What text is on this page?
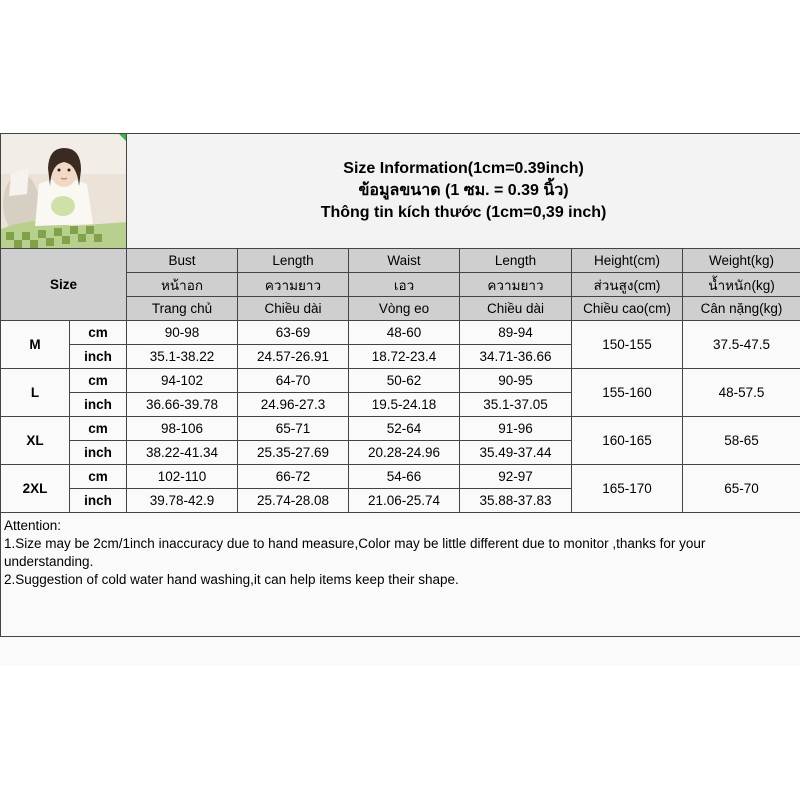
Size Information(1cm=0.39inch)
ข้อมูลขนาด (1 ซม. = 0.39 นิ้ว)
Thông tin kích thước (1cm=0,39 inch)					

Size		Bust	Length	Waist	Length	Height(cm)	Weight(kg)
		หน้าอก	ความยาว	เอว	ความยาว	ส่วนสูง(cm)	น้ำหนัก(kg)
		Trang chủ	Chiều dài	Vòng eo	Chiều dài	Chiều cao(cm)	Cân nặng(kg)
M	cm	90-98	63-69	48-60	89-94	150-155	37.5-47.5
	inch	35.1-38.22	24.57-26.91	18.72-23.4	34.71-36.66		
L	cm	94-102	64-70	50-62	90-95	155-160	48-57.5
	inch	36.66-39.78	24.96-27.3	19.5-24.18	35.1-37.05		
XL	cm	98-106	65-71	52-64	91-96	160-165	58-65
	inch	38.22-41.34	25.35-27.69	20.28-24.96	35.49-37.44		
2XL	cm	102-110	66-72	54-66	92-97	165-170	65-70
	inch	39.78-42.9	25.74-28.08	21.06-25.74	35.88-37.83		

Attention:
1.Size may be 2cm/1inch inaccuracy due to hand measure,Color may be little different due to monitor ,thanks for your understanding.
2.Suggestion of cold water hand washing,it can help items keep their shape.							
